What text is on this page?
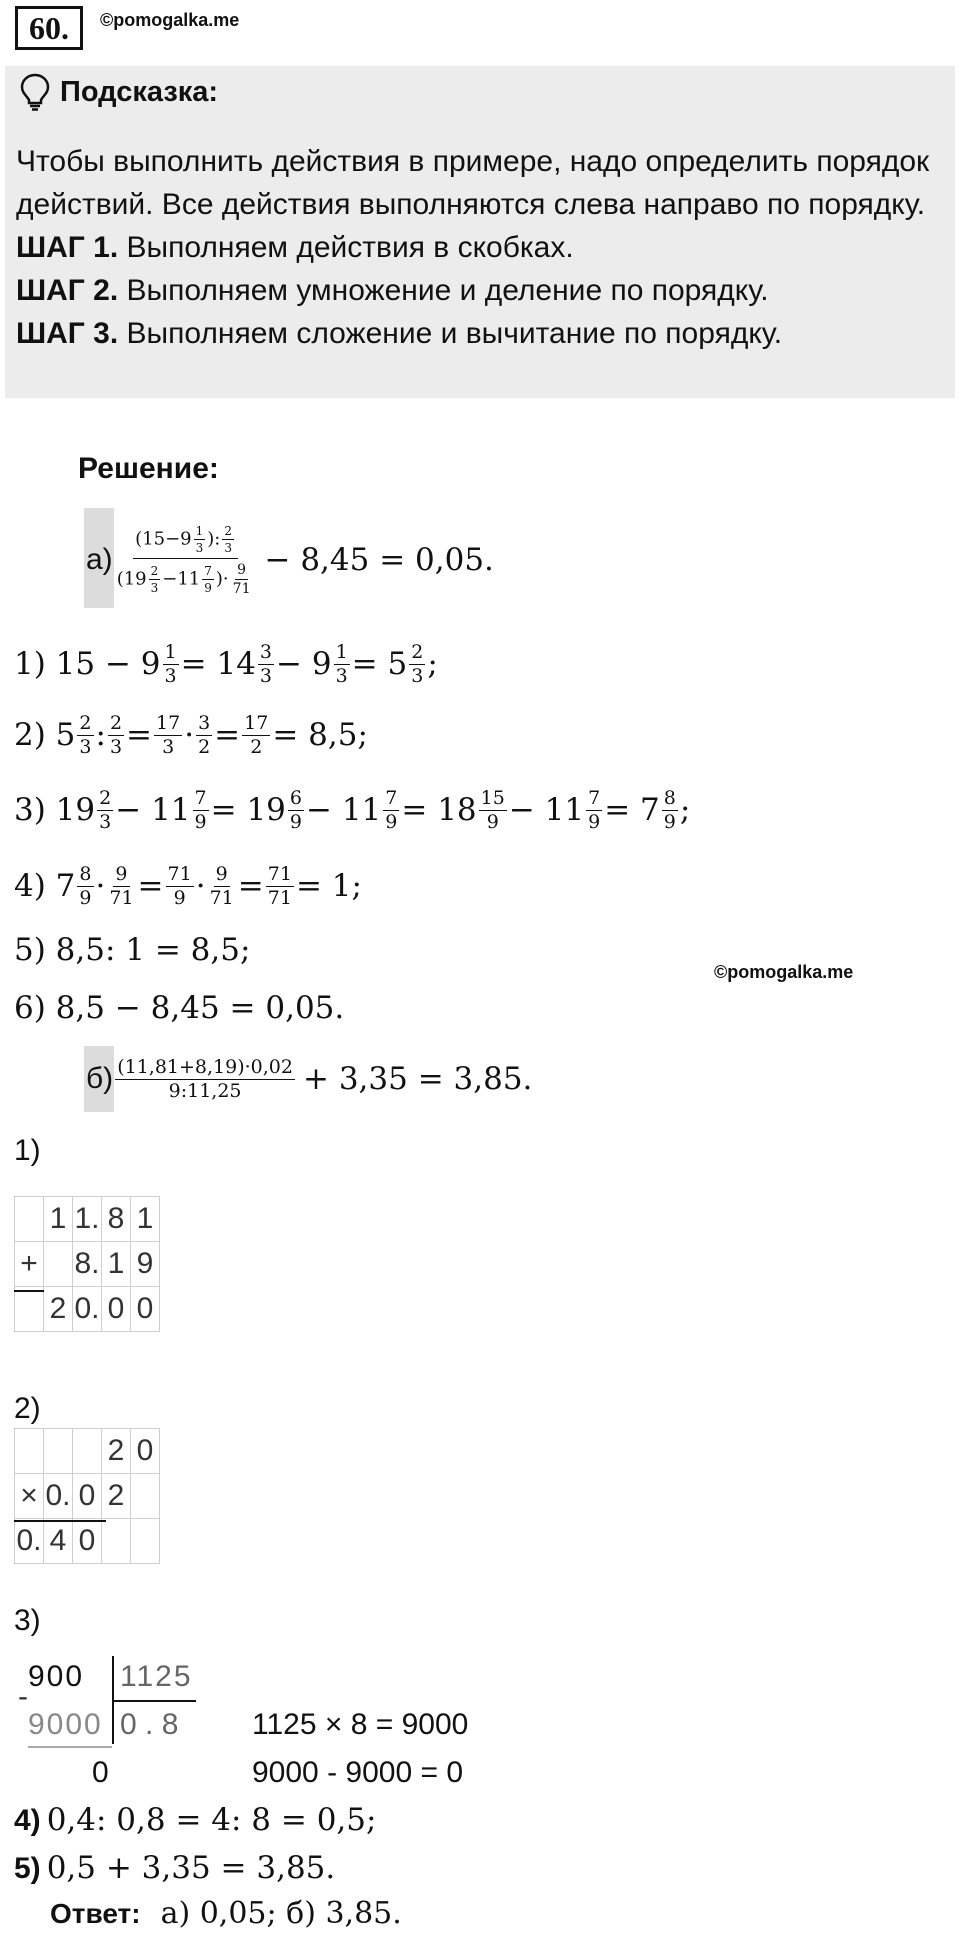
60.	©pomogalka.me
Подсказка:
Чтобы выполнить действия в примере, надо определить порядок действий. Все действия выполняются слева направо по порядку.
ШАГ 1. Выполняем действия в скобках.
ШАГ 2. Выполняем умножение и деление по порядку.
ШАГ 3. Выполняем сложение и вычитание по порядку.
Решение:
а)
($15-9 \frac{1}{3}$ ): $\frac{2}{3}$
($19 \frac{2}{3} -11 \frac{7}{9}$ )· $\frac{9}{71}$
− 8,45 = 0,05.
1) 15 − 9 1
3 = 14 3
3 − 9 1
3 = 5 2
3 ;
2) 5 2
3 : 2
3 = 17
3 · 3
2 = 17
2 = 8,5;
3) 19 2
3 − 11 7
9 = 19 6
9 − 11 7
9 = 18 15
9 − 11 7
9 = 7 8
9 ;
4) 7 8
9 · 9
71 = 71
9 · 9
71 = 71
71 = 1;
5) 8,5: 1 = 8,5;
©pomogalka.me
6) 8,5 − 8,45 = 0,05.
$б) \frac{(11,81+8,19)\cdot 0,02}{9:11,25} + 3,35 = 3,85$.
1)
	1	1.	8	1
+		8.	1	9
	2	0.	0	0
2)
			2	0
×	0.	0	2	
0.	4	0		
3)
-
900 1125
9000 0 . 8
0
1125 × 8 = 9000
9000 - 9000 = 0
4) 0,4: 0,8 = 4: 8 = 0,5;
5) 0,5 + 3,35 = 3,85.
Ответ: а) 0,05; б) 3,85.
